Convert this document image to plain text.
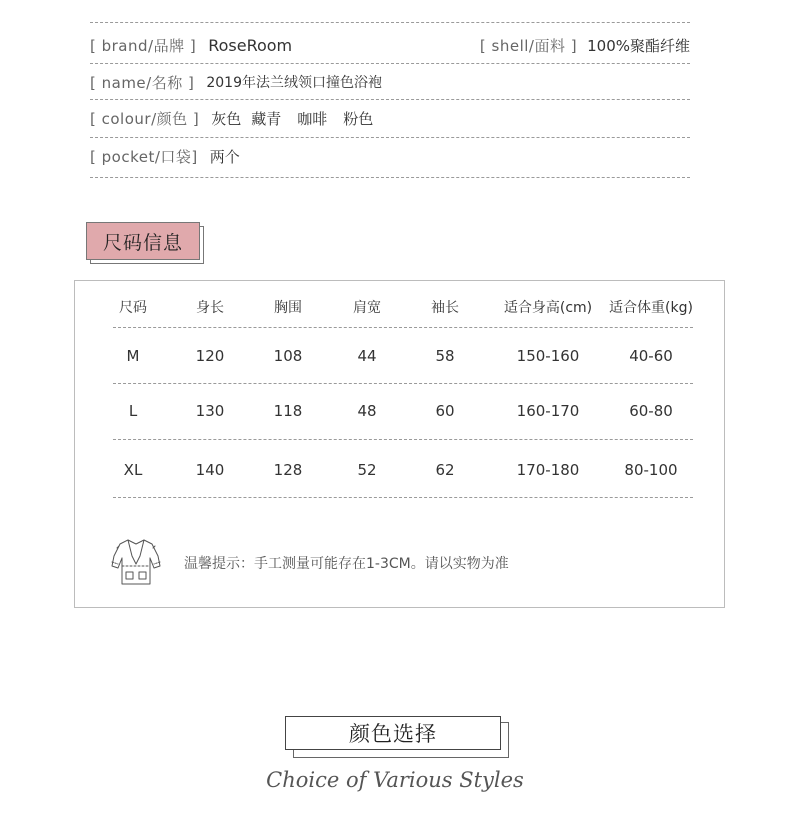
[ brand/品牌 ] RoseRoom	[ shell/面料 ] 100%聚酯纤维
[ name/名称 ] 2019年法兰绒领口撞色浴袍
[ colour/颜色 ] 灰色 藏青 咖啡 粉色
[ pocket/口袋] 两个
尺码信息
尺码	身长	胸围	肩宽	袖长	适合身高(cm) 适合体重(kg)
M	120	108	44	58	150-160	40-60
L	130	118	48	60	160-170	60-80
XL	140	128	52	62	170-180	80-100
温馨提示：手工测量可能存在1-3CM。请以实物为准
颜色选择
Choice of Various Styles
